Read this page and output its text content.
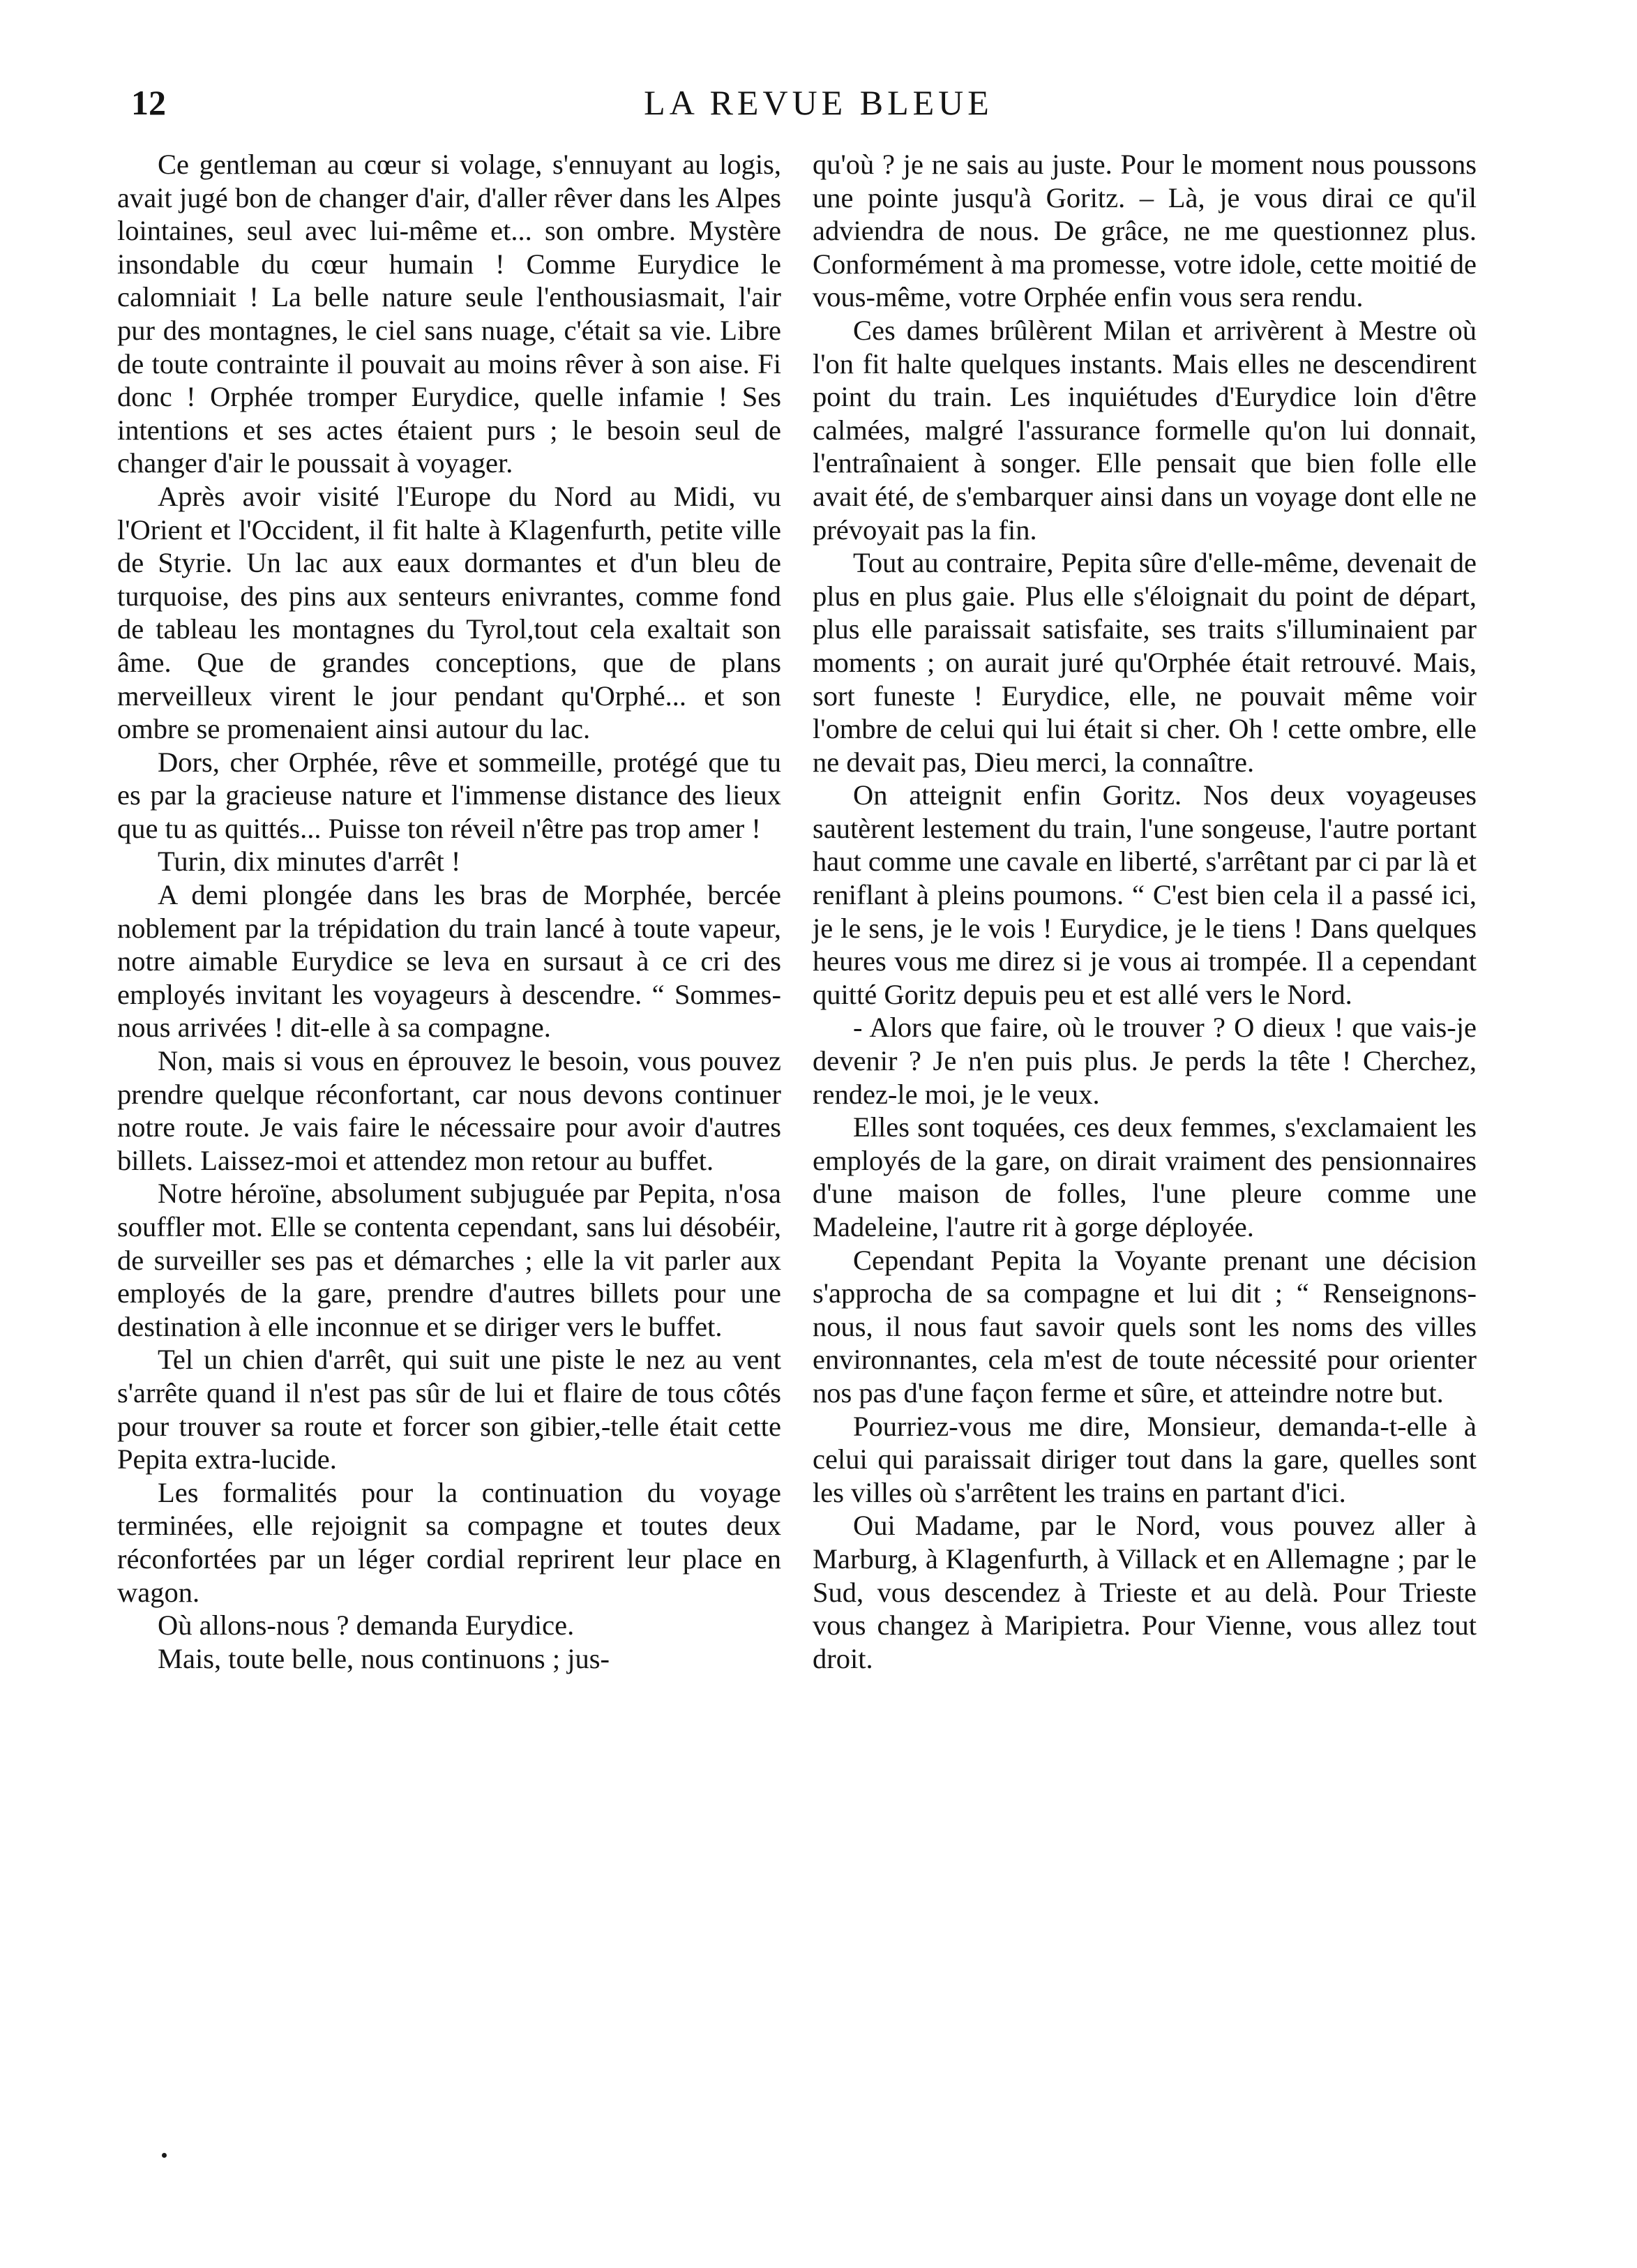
12	LA REVUE BLEUE

Ce gentleman au cœur si volage, s'ennuyant au logis, avait jugé bon de changer d'air, d'aller rêver dans les Alpes lointaines, seul avec lui-même et... son ombre. Mystère insondable du cœur humain ! Comme Eurydice le calomniait ! La belle nature seule l'enthousiasmait, l'air pur des montagnes, le ciel sans nuage, c'était sa vie. Libre de toute contrainte il pouvait au moins rêver à son aise. Fi donc ! Orphée tromper Eurydice, quelle infamie ! Ses intentions et ses actes étaient purs ; le besoin seul de changer d'air le poussait à voyager.

Après avoir visité l'Europe du Nord au Midi, vu l'Orient et l'Occident, il fit halte à Klagenfurth, petite ville de Styrie. Un lac aux eaux dormantes et d'un bleu de turquoise, des pins aux senteurs enivrantes, comme fond de tableau les montagnes du Tyrol,tout cela exaltait son âme. Que de grandes conceptions, que de plans merveilleux virent le jour pendant qu'Orphé... et son ombre se promenaient ainsi autour du lac.

Dors, cher Orphée, rêve et sommeille, protégé que tu es par la gracieuse nature et l'immense distance des lieux que tu as quittés... Puisse ton réveil n'être pas trop amer !

Turin, dix minutes d'arrêt !

A demi plongée dans les bras de Morphée, bercée noblement par la trépidation du train lancé à toute vapeur, notre aimable Eurydice se leva en sursaut à ce cri des employés invitant les voyageurs à descendre. “ Sommes-nous arrivées ! dit-elle à sa compagne.

Non, mais si vous en éprouvez le besoin, vous pouvez prendre quelque réconfortant, car nous devons continuer notre route. Je vais faire le nécessaire pour avoir d'autres billets. Laissez-moi et attendez mon retour au buffet.

Notre héroïne, absolument subjuguée par Pepita, n'osa souffler mot. Elle se contenta cependant, sans lui désobéir, de surveiller ses pas et démarches ; elle la vit parler aux employés de la gare, prendre d'autres billets pour une destination à elle inconnue et se diriger vers le buffet.

Tel un chien d'arrêt, qui suit une piste le nez au vent s'arrête quand il n'est pas sûr de lui et flaire de tous côtés pour trouver sa route et forcer son gibier,-telle était cette Pepita extra-lucide.

Les formalités pour la continuation du voyage terminées, elle rejoignit sa compagne et toutes deux réconfortées par un léger cordial reprirent leur place en wagon.

Où allons-nous ? demanda Eurydice.

Mais, toute belle, nous continuons ; jus-

qu'où ? je ne sais au juste. Pour le moment nous poussons une pointe jusqu'à Goritz. – Là, je vous dirai ce qu'il adviendra de nous. De grâce, ne me questionnez plus. Conformément à ma promesse, votre idole, cette moitié de vous-même, votre Orphée enfin vous sera rendu.

Ces dames brûlèrent Milan et arrivèrent à Mestre où l'on fit halte quelques instants. Mais elles ne descendirent point du train. Les inquiétudes d'Eurydice loin d'être calmées, malgré l'assurance formelle qu'on lui donnait, l'entraînaient à songer. Elle pensait que bien folle elle avait été, de s'embarquer ainsi dans un voyage dont elle ne prévoyait pas la fin.

Tout au contraire, Pepita sûre d'elle-même, devenait de plus en plus gaie. Plus elle s'éloignait du point de départ, plus elle paraissait satisfaite, ses traits s'illuminaient par moments ; on aurait juré qu'Orphée était retrouvé. Mais, sort funeste ! Eurydice, elle, ne pouvait même voir l'ombre de celui qui lui était si cher. Oh ! cette ombre, elle ne devait pas, Dieu merci, la connaître.

On atteignit enfin Goritz. Nos deux voyageuses sautèrent lestement du train, l'une songeuse, l'autre portant haut comme une cavale en liberté, s'arrêtant par ci par là et reniflant à pleins poumons. “ C'est bien cela il a passé ici, je le sens, je le vois ! Eurydice, je le tiens ! Dans quelques heures vous me direz si je vous ai trompée. Il a cependant quitté Goritz depuis peu et est allé vers le Nord.

- Alors que faire, où le trouver ? O dieux ! que vais-je devenir ? Je n'en puis plus. Je perds la tête ! Cherchez, rendez-le moi, je le veux.

Elles sont toquées, ces deux femmes, s'exclamaient les employés de la gare, on dirait vraiment des pensionnaires d'une maison de folles, l'une pleure comme une Madeleine, l'autre rit à gorge déployée.

Cependant Pepita la Voyante prenant une décision s'approcha de sa compagne et lui dit ; “ Renseignons-nous, il nous faut savoir quels sont les noms des villes environnantes, cela m'est de toute nécessité pour orienter nos pas d'une façon ferme et sûre, et atteindre notre but.

Pourriez-vous me dire, Monsieur, demanda-t-elle à celui qui paraissait diriger tout dans la gare, quelles sont les villes où s'arrêtent les trains en partant d'ici.

Oui Madame, par le Nord, vous pouvez aller à Marburg, à Klagenfurth, à Villack et en Allemagne ; par le Sud, vous descendez à Trieste et au delà. Pour Trieste vous changez à Maripietra. Pour Vienne, vous allez tout droit.
